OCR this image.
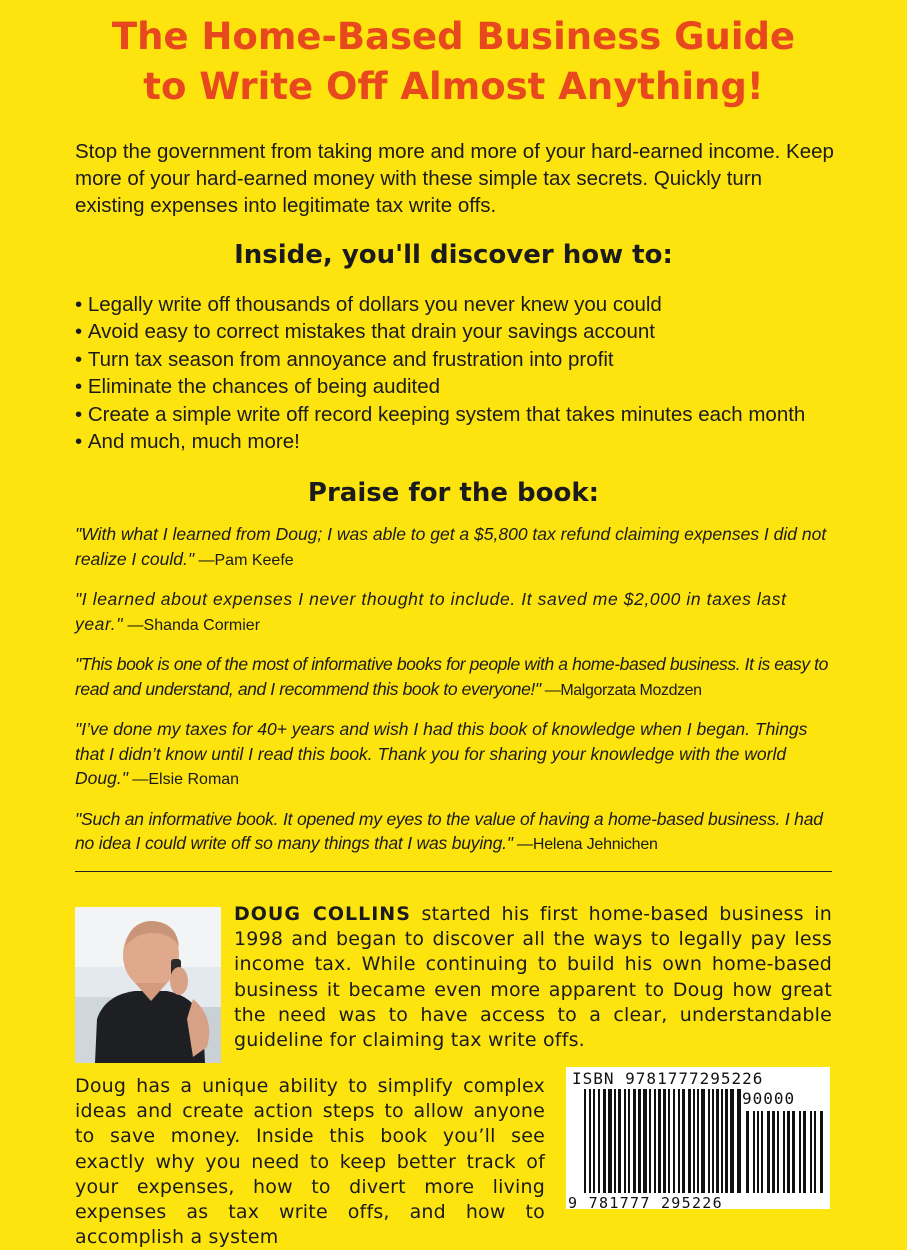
The Home-Based Business Guide
to Write Off Almost Anything!

Stop the government from taking more and more of your hard-earned income. Keep more of your hard-earned money with these simple tax secrets. Quickly turn existing expenses into legitimate tax write offs.

Inside, you'll discover how to:
• Legally write off thousands of dollars you never knew you could
• Avoid easy to correct mistakes that drain your savings account
• Turn tax season from annoyance and frustration into profit
• Eliminate the chances of being audited
• Create a simple write off record keeping system that takes minutes each month
• And much, much more!
Praise for the book:

"With what I learned from Doug; I was able to get a $5,800 tax refund claiming expenses I did not realize I could." —Pam Keefe

"I learned about expenses I never thought to include. It saved me $2,000 in taxes last year." —Shanda Cormier

"This book is one of the most of informative books for people with a home-based business. It is easy to read and understand, and I recommend this book to everyone!" —Malgorzata Mozdzen

"I’ve done my taxes for 40+ years and wish I had this book of knowledge when I began. Things that I didn’t know until I read this book. Thank you for sharing your knowledge with the world Doug." —Elsie Roman

"Such an informative book. It opened my eyes to the value of having a home-based business. I had no idea I could write off so many things that I was buying." —Helena Jehnichen

DOUG COLLINS started his first home-based business in 1998 and began to discover all the ways to legally pay less income tax. While continuing to build his own home-based business it became even more apparent to Doug how great the need was to have access to a clear, understandable guideline for claiming tax write offs.

Doug has a unique ability to simplify complex ideas and create action steps to allow anyone to save money. Inside this book you’ll see exactly why you need to keep better track of your expenses, how to divert more living expenses as tax write offs, and how to accomplish a system

ISBN 9781777295226
90000
9 781777 295226
